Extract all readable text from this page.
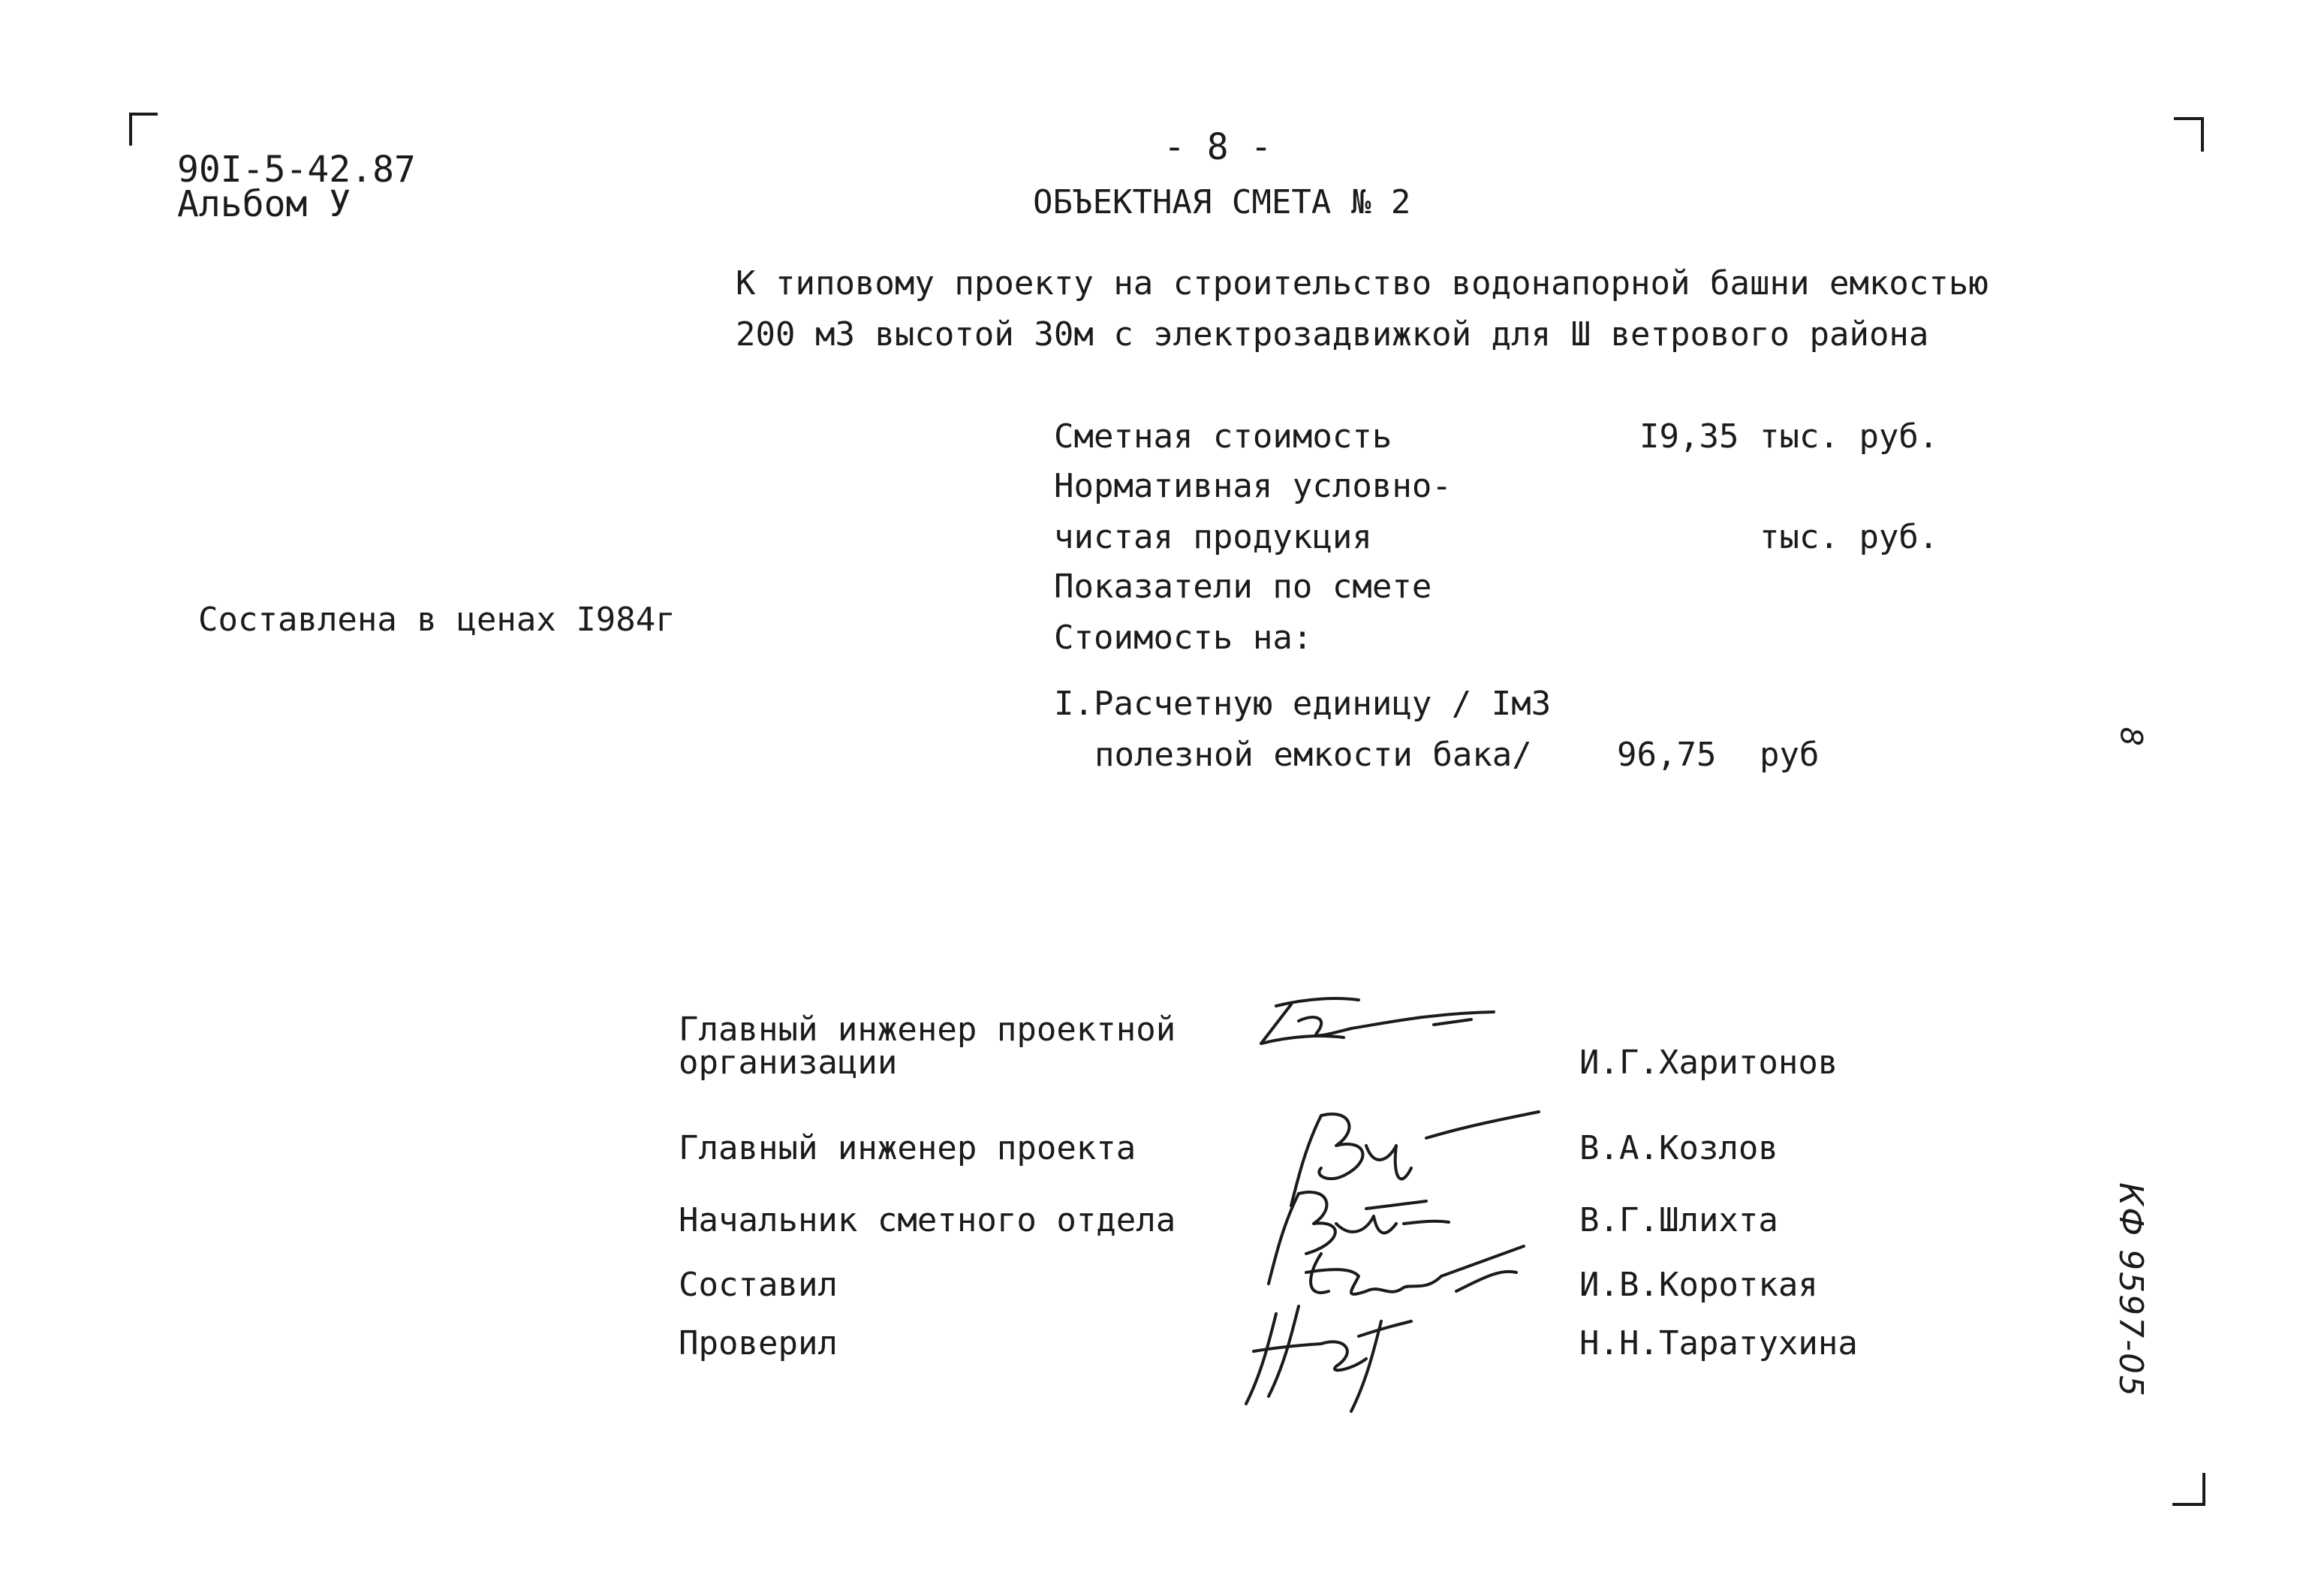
90I-5-42.87
Альбом У
- 8 -
ОБЪЕКТНАЯ СМЕТА № 2
К типовому проекту на строительство водонапорной башни емкостью
200 м3 высотой 30м с электрозадвижкой для Ш ветрового района
Сметная стоимость	I9,35 тыс. руб.
Нормативная условно-
чистая продукция	тыс. руб.
Показатели по смете
Составлена в ценах I984г	Стоимость на:
I.Расчетную единицу / IмЗ
полезной емкости бака/	96,75 руб	8
Главный инженер проектной
организации	И.Г.Харитонов
Главный инженер проекта	В.А.Козлов
Начальник сметного отдела	В.Г.Шлихта
Составил	И.В.Короткая
Проверил	Н.Н.Таратухина	КФ 9597-05
